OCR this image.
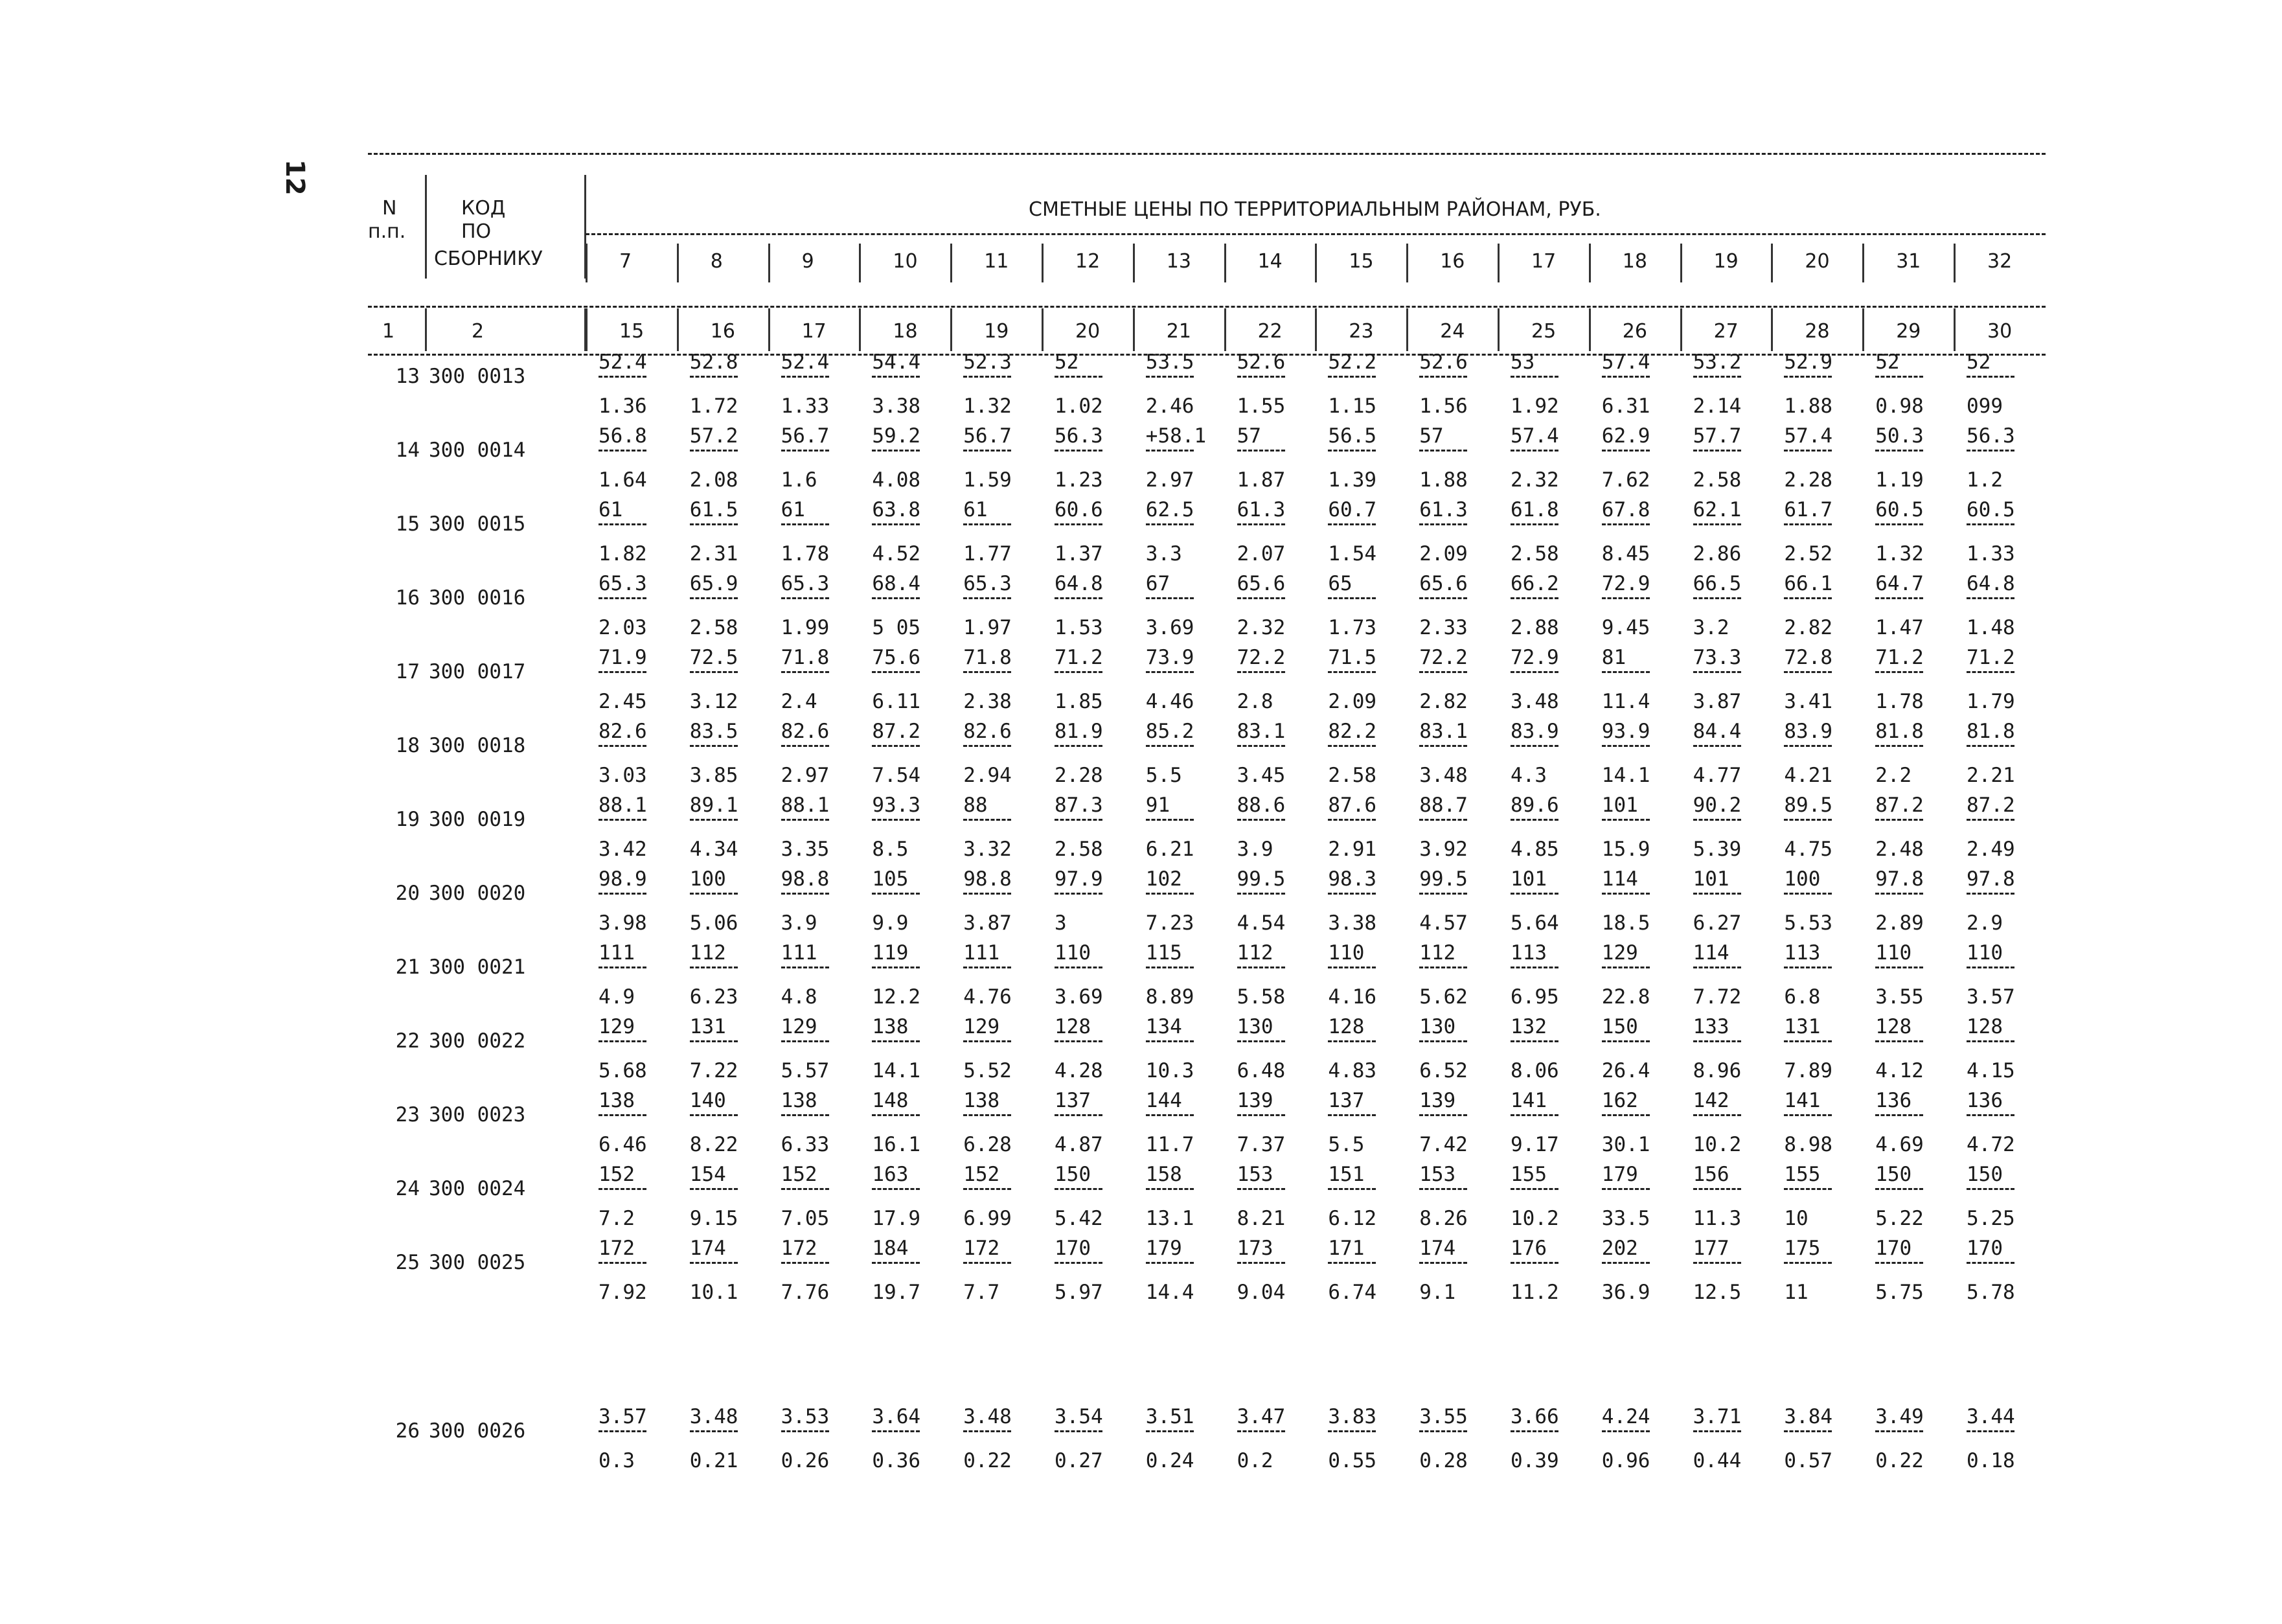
12
N
п.п.
КОД
ПО
СБОРНИКУ
СМЕТНЫЕ ЦЕНЫ ПО ТЕРРИТОРИАЛЬНЫМ РАЙОНАМ, РУБ.
1	2
7
15
8
16
9
17
10
18
11
19
12
20
13
21
14
22
15
23
16
24
17
25
18
26
19
27
20
28
31
29
32
30
13 300 0013
52.4
1.36
52.8
1.72
52.4
1.33
54.4
3.38
52.3
1.32
52
1.02
53.5
2.46
52.6
1.55
52.2
1.15
52.6
1.56
53
1.92
57.4
6.31
53.2
2.14
52.9
1.88
52
0.98
52
099
14 300 0014
56.8
1.64
57.2
2.08
56.7
1.6
59.2
4.08
56.7
1.59
56.3
1.23
+58.1
2.97
57
1.87
56.5
1.39
57
1.88
57.4
2.32
62.9
7.62
57.7
2.58
57.4
2.28
50.3
1.19
56.3
1.2
15 300 0015
61
1.82
61.5
2.31
61
1.78
63.8
4.52
61
1.77
60.6
1.37
62.5
3.3
61.3
2.07
60.7
1.54
61.3
2.09
61.8
2.58
67.8
8.45
62.1
2.86
61.7
2.52
60.5
1.32
60.5
1.33
16 300 0016
65.3
2.03
65.9
2.58
65.3
1.99
68.4
5 05
65.3
1.97
64.8
1.53
67
3.69
65.6
2.32
65
1.73
65.6
2.33
66.2
2.88
72.9
9.45
66.5
3.2
66.1
2.82
64.7
1.47
64.8
1.48
17 300 0017
71.9
2.45
72.5
3.12
71.8
2.4
75.6
6.11
71.8
2.38
71.2
1.85
73.9
4.46
72.2
2.8
71.5
2.09
72.2
2.82
72.9
3.48
81
11.4
73.3
3.87
72.8
3.41
71.2
1.78
71.2
1.79
18 300 0018
82.6
3.03
83.5
3.85
82.6
2.97
87.2
7.54
82.6
2.94
81.9
2.28
85.2
5.5
83.1
3.45
82.2
2.58
83.1
3.48
83.9
4.3
93.9
14.1
84.4
4.77
83.9
4.21
81.8
2.2
81.8
2.21
19 300 0019
88.1
3.42
89.1
4.34
88.1
3.35
93.3
8.5
88
3.32
87.3
2.58
91
6.21
88.6
3.9
87.6
2.91
88.7
3.92
89.6
4.85
101
15.9
90.2
5.39
89.5
4.75
87.2
2.48
87.2
2.49
20 300 0020
98.9
3.98
100
5.06
98.8
3.9
105
9.9
98.8
3.87
97.9
3
102
7.23
99.5
4.54
98.3
3.38
99.5
4.57
101
5.64
114
18.5
101
6.27
100
5.53
97.8
2.89
97.8
2.9
21 300 0021
111
4.9
112
6.23
111
4.8
119
12.2
111
4.76
110
3.69
115
8.89
112
5.58
110
4.16
112
5.62
113
6.95
129
22.8
114
7.72
113
6.8
110
3.55
110
3.57
22 300 0022
129
5.68
131
7.22
129
5.57
138
14.1
129
5.52
128
4.28
134
10.3
130
6.48
128
4.83
130
6.52
132
8.06
150
26.4
133
8.96
131
7.89
128
4.12
128
4.15
23 300 0023
138
6.46
140
8.22
138
6.33
148
16.1
138
6.28
137
4.87
144
11.7
139
7.37
137
5.5
139
7.42
141
9.17
162
30.1
142
10.2
141
8.98
136
4.69
136
4.72
24 300 0024
152
7.2
154
9.15
152
7.05
163
17.9
152
6.99
150
5.42
158
13.1
153
8.21
151
6.12
153
8.26
155
10.2
179
33.5
156
11.3
155
10
150
5.22
150
5.25
25 300 0025
172
7.92
174
10.1
172
7.76
184
19.7
172
7.7
170
5.97
179
14.4
173
9.04
171
6.74
174
9.1
176
11.2
202
36.9
177
12.5
175
11
170
5.75
170
5.78
26 300 0026
3.57
0.3
3.48
0.21
3.53
0.26
3.64
0.36
3.48
0.22
3.54
0.27
3.51
0.24
3.47
0.2
3.83
0.55
3.55
0.28
3.66
0.39
4.24
0.96
3.71
0.44
3.84
0.57
3.49
0.22
3.44
0.18
